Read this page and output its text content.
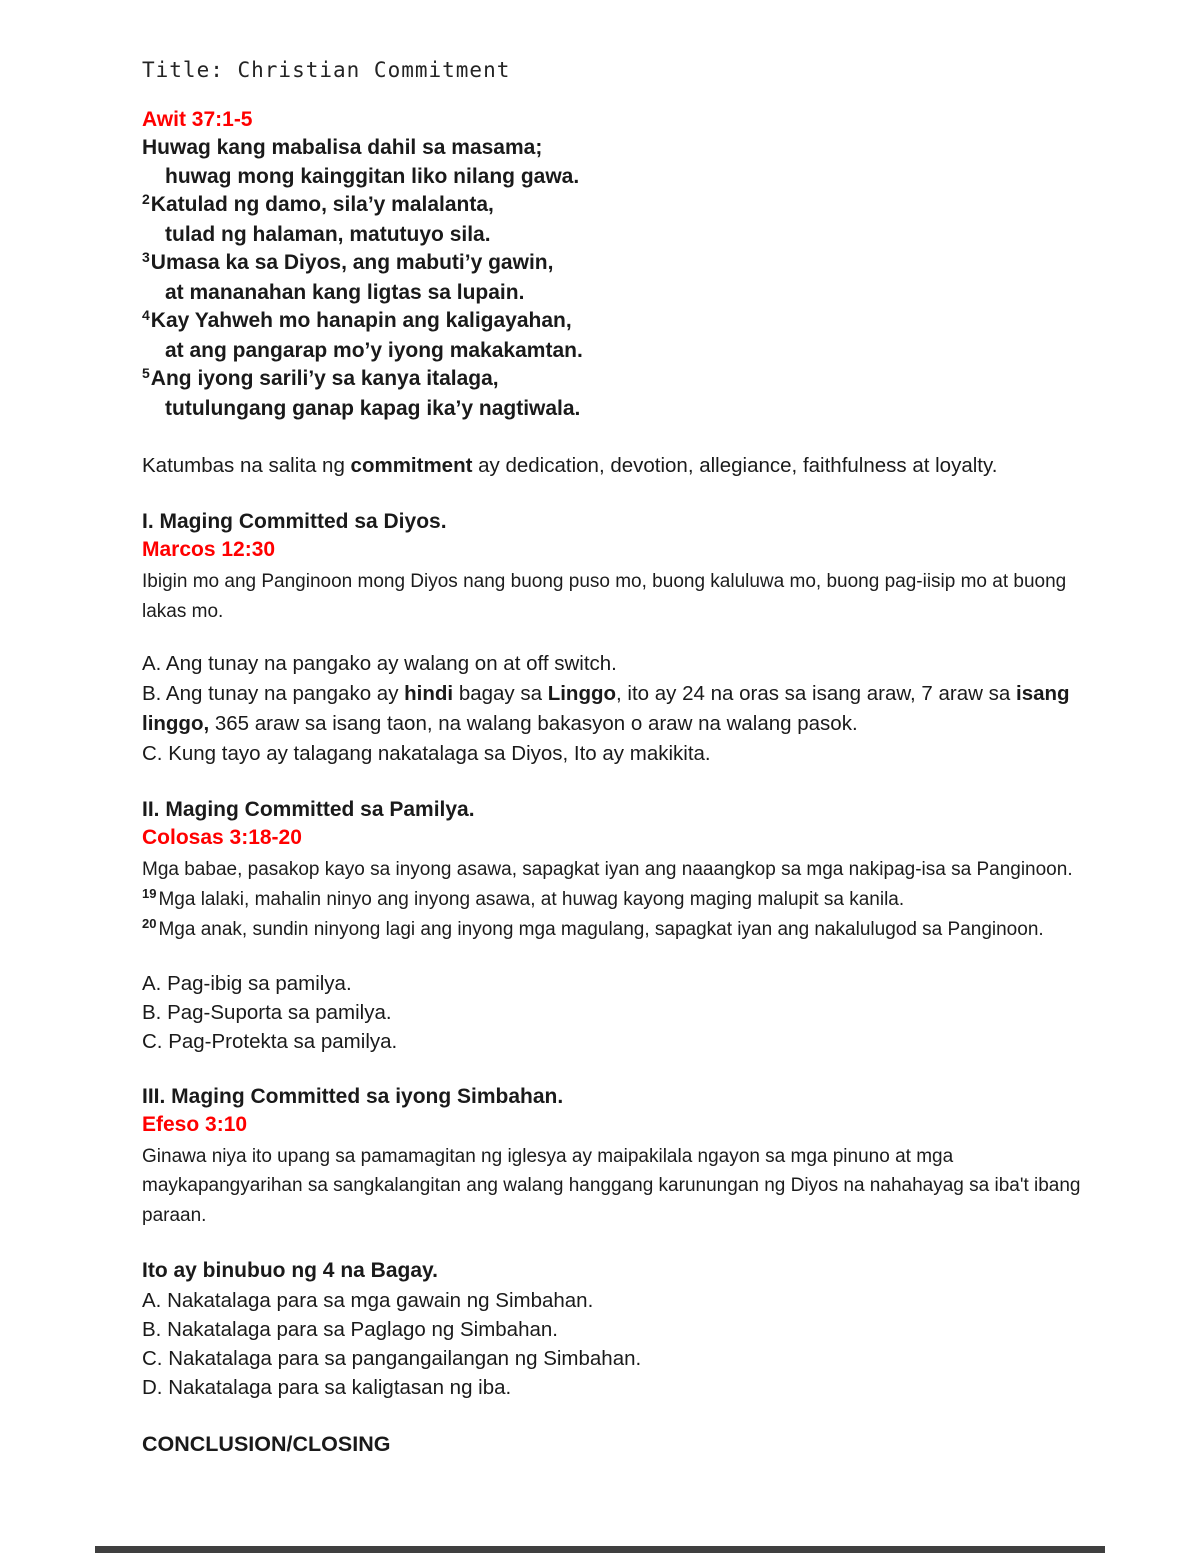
Title: Christian Commitment
Awit 37:1-5
Huwag kang mabalisa dahil sa masama;
huwag mong kainggitan liko nilang gawa.
$^2$Katulad ng damo, sila’y malalanta,
tulad ng halaman, matutuyo sila.
$^3$Umasa ka sa Diyos, ang mabuti’y gawin,
at mananahan kang ligtas sa lupain.
$^4$Kay Yahweh mo hanapin ang kaligayahan,
at ang pangarap mo’y iyong makakamtan.
$^5$Ang iyong sarili’y sa kanya italaga,
tutulungang ganap kapag ika’y nagtiwala.
Katumbas na salita ng commitment ay dedication, devotion, allegiance, faithfulness at loyalty.
I. Maging Committed sa Diyos.
Marcos 12:30
Ibigin mo ang Panginoon mong Diyos nang buong puso mo, buong kaluluwa mo, buong pag-iisip mo at buong lakas mo.
A. Ang tunay na pangako ay walang on at off switch.
B. Ang tunay na pangako ay hindi bagay sa Linggo, ito ay 24 na oras sa isang araw, 7 araw sa isang linggo, 365 araw sa isang taon, na walang bakasyon o araw na walang pasok.
C. Kung tayo ay talagang nakatalaga sa Diyos, Ito ay makikita.
II. Maging Committed sa Pamilya.
Colosas 3:18-20
Mga babae, pasakop kayo sa inyong asawa, sapagkat iyan ang naaangkop sa mga nakipag-isa sa Panginoon.
$^{19}$ Mga lalaki, mahalin ninyo ang inyong asawa, at huwag kayong maging malupit sa kanila.
$^{20}$ Mga anak, sundin ninyong lagi ang inyong mga magulang, sapagkat iyan ang nakalulugod sa Panginoon.
A. Pag-ibig sa pamilya.
B. Pag-Suporta sa pamilya.
C. Pag-Protekta sa pamilya.
III. Maging Committed sa iyong Simbahan.
Efeso 3:10
Ginawa niya ito upang sa pamamagitan ng iglesya ay maipakilala ngayon sa mga pinuno at mga maykapangyarihan sa sangkalangitan ang walang hanggang karunungan ng Diyos na nahahayag sa iba't ibang paraan.
Ito ay binubuo ng 4 na Bagay.
A. Nakatalaga para sa mga gawain ng Simbahan.
B. Nakatalaga para sa Paglago ng Simbahan.
C. Nakatalaga para sa pangangailangan ng Simbahan.
D. Nakatalaga para sa kaligtasan ng iba.
CONCLUSION/CLOSING
